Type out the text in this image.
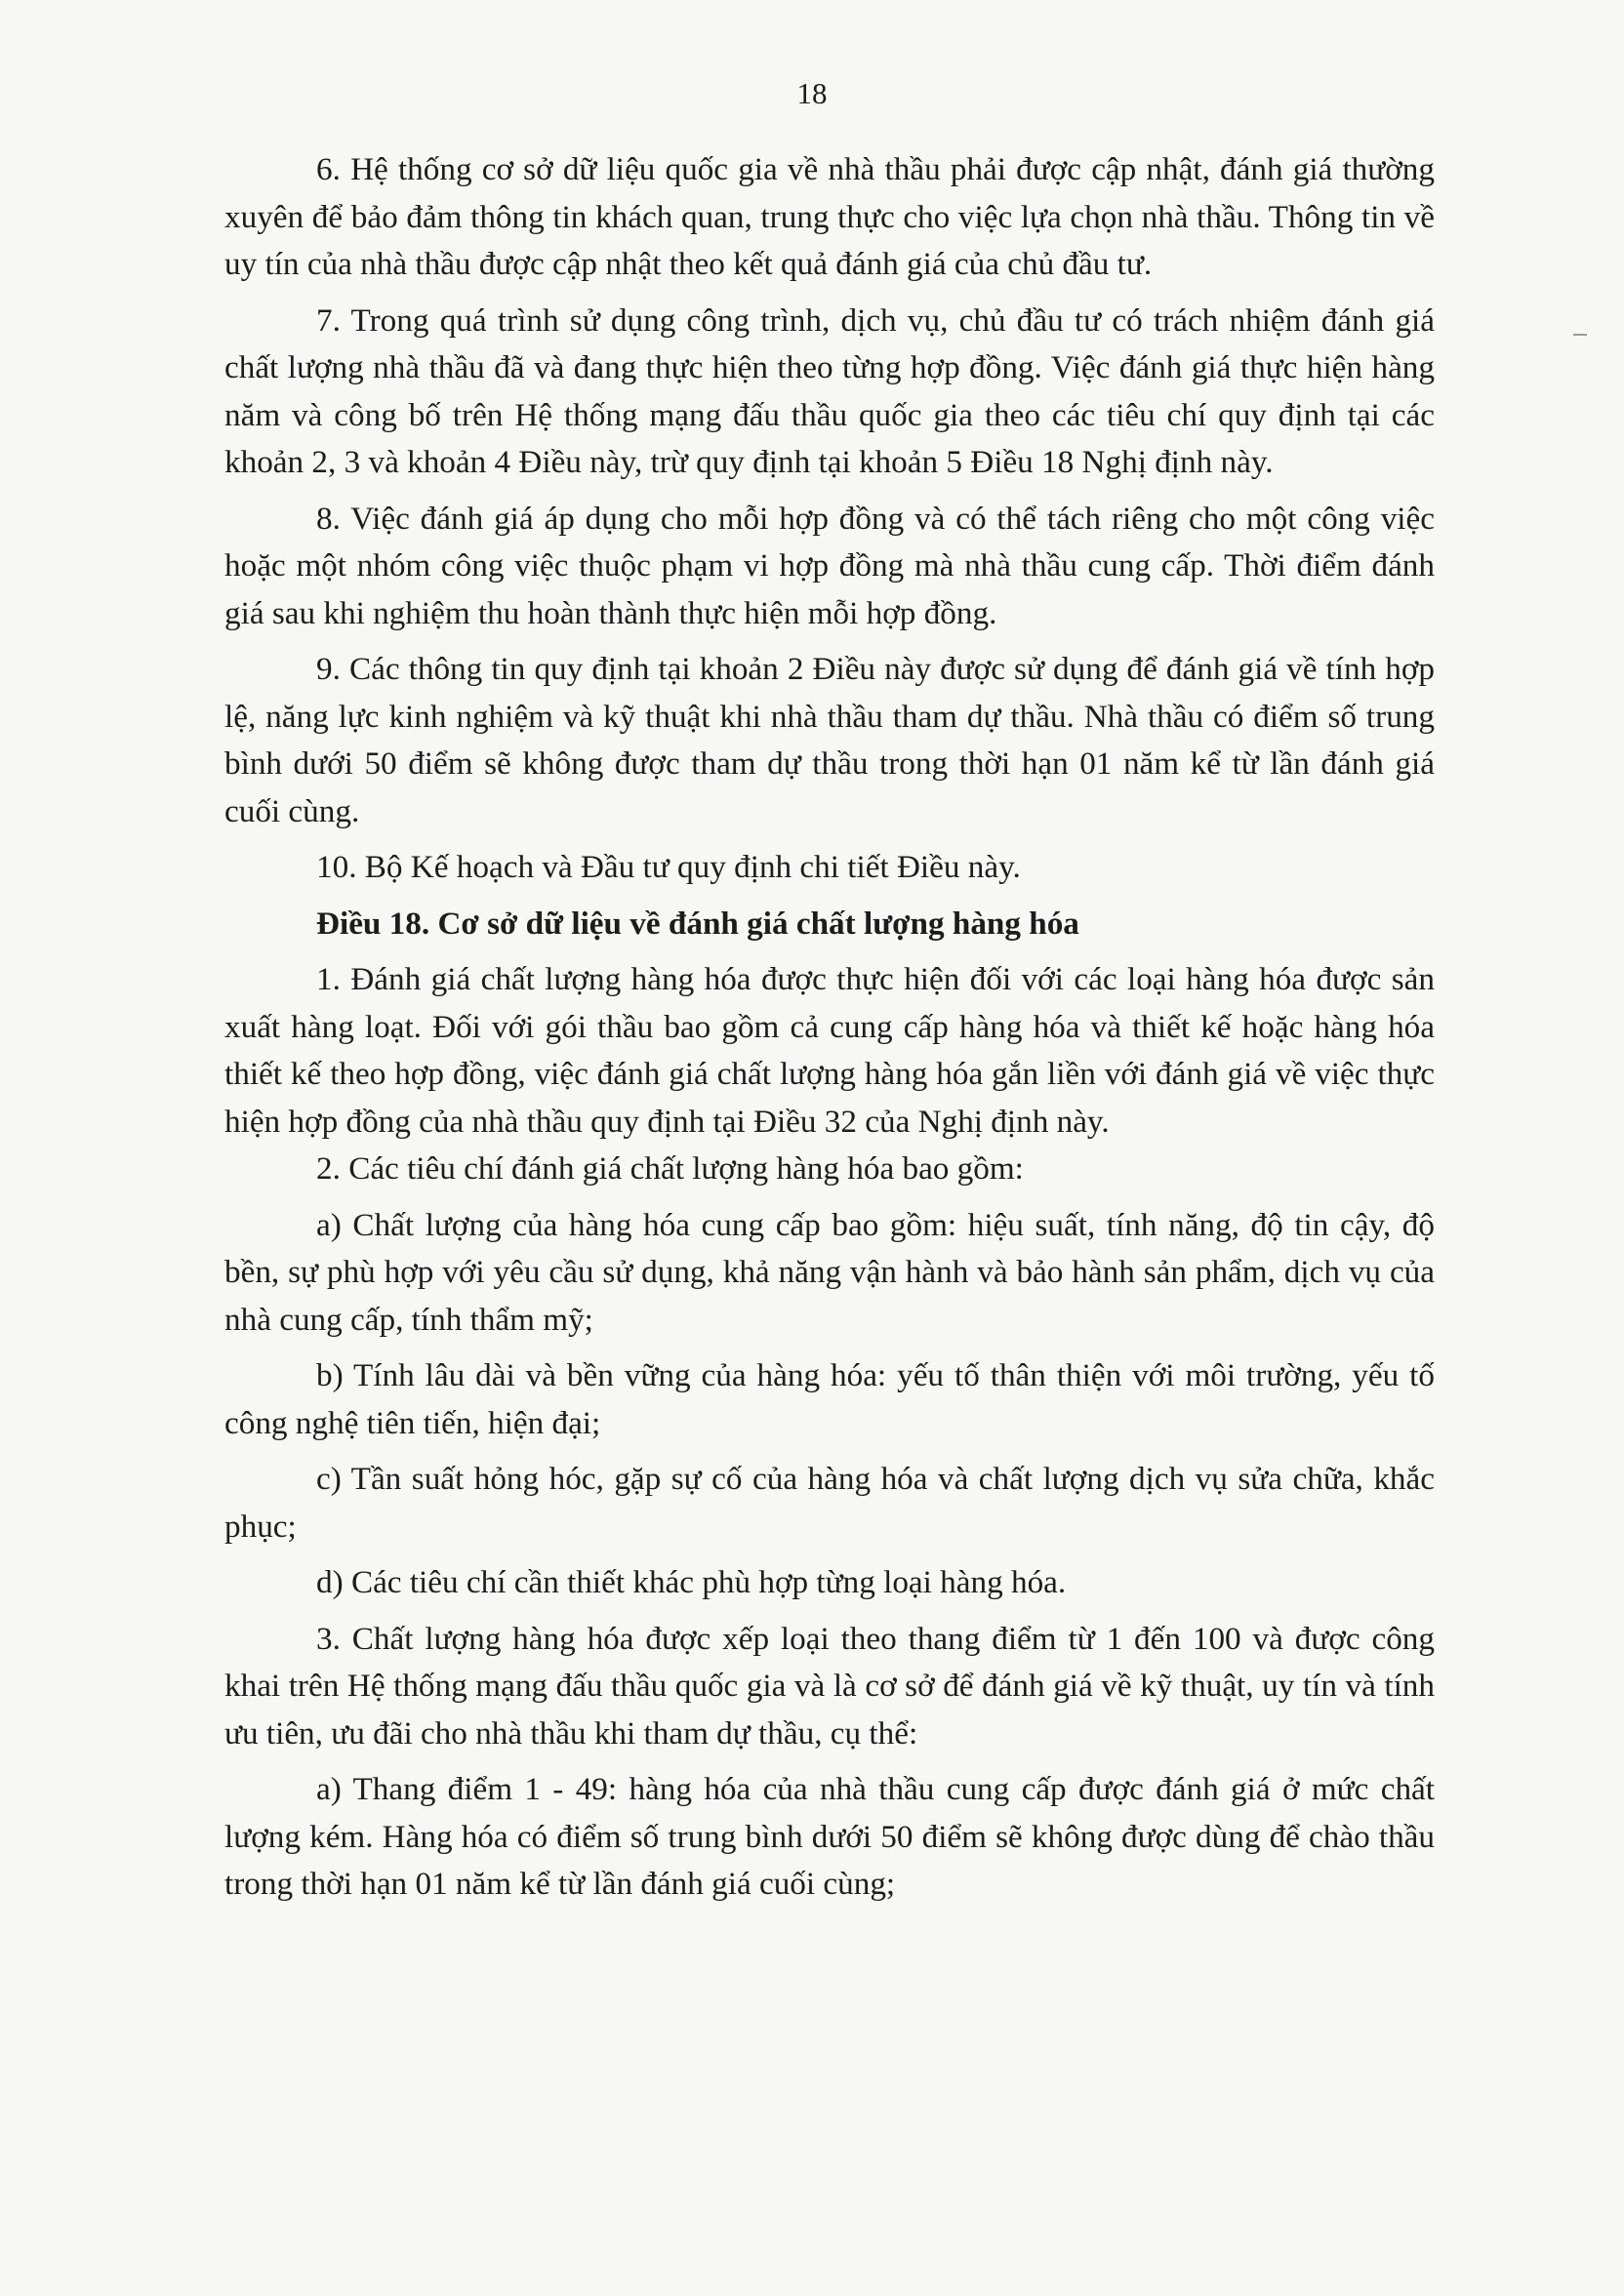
18

6. Hệ thống cơ sở dữ liệu quốc gia về nhà thầu phải được cập nhật, đánh giá thường xuyên để bảo đảm thông tin khách quan, trung thực cho việc lựa chọn nhà thầu. Thông tin về uy tín của nhà thầu được cập nhật theo kết quả đánh giá của chủ đầu tư.

7. Trong quá trình sử dụng công trình, dịch vụ, chủ đầu tư có trách nhiệm đánh giá chất lượng nhà thầu đã và đang thực hiện theo từng hợp đồng. Việc đánh giá thực hiện hàng năm và công bố trên Hệ thống mạng đấu thầu quốc gia theo các tiêu chí quy định tại các khoản 2, 3 và khoản 4 Điều này, trừ quy định tại khoản 5 Điều 18 Nghị định này.

8. Việc đánh giá áp dụng cho mỗi hợp đồng và có thể tách riêng cho một công việc hoặc một nhóm công việc thuộc phạm vi hợp đồng mà nhà thầu cung cấp. Thời điểm đánh giá sau khi nghiệm thu hoàn thành thực hiện mỗi hợp đồng.

9. Các thông tin quy định tại khoản 2 Điều này được sử dụng để đánh giá về tính hợp lệ, năng lực kinh nghiệm và kỹ thuật khi nhà thầu tham dự thầu. Nhà thầu có điểm số trung bình dưới 50 điểm sẽ không được tham dự thầu trong thời hạn 01 năm kể từ lần đánh giá cuối cùng.

10. Bộ Kế hoạch và Đầu tư quy định chi tiết Điều này.

Điều 18. Cơ sở dữ liệu về đánh giá chất lượng hàng hóa

1. Đánh giá chất lượng hàng hóa được thực hiện đối với các loại hàng hóa được sản xuất hàng loạt. Đối với gói thầu bao gồm cả cung cấp hàng hóa và thiết kế hoặc hàng hóa thiết kế theo hợp đồng, việc đánh giá chất lượng hàng hóa gắn liền với đánh giá về việc thực hiện hợp đồng của nhà thầu quy định tại Điều 32 của Nghị định này.

2. Các tiêu chí đánh giá chất lượng hàng hóa bao gồm:

a) Chất lượng của hàng hóa cung cấp bao gồm: hiệu suất, tính năng, độ tin cậy, độ bền, sự phù hợp với yêu cầu sử dụng, khả năng vận hành và bảo hành sản phẩm, dịch vụ của nhà cung cấp, tính thẩm mỹ;

b) Tính lâu dài và bền vững của hàng hóa: yếu tố thân thiện với môi trường, yếu tố công nghệ tiên tiến, hiện đại;

c) Tần suất hỏng hóc, gặp sự cố của hàng hóa và chất lượng dịch vụ sửa chữa, khắc phục;

d) Các tiêu chí cần thiết khác phù hợp từng loại hàng hóa.

3. Chất lượng hàng hóa được xếp loại theo thang điểm từ 1 đến 100 và được công khai trên Hệ thống mạng đấu thầu quốc gia và là cơ sở để đánh giá về kỹ thuật, uy tín và tính ưu tiên, ưu đãi cho nhà thầu khi tham dự thầu, cụ thể:

a) Thang điểm 1 - 49: hàng hóa của nhà thầu cung cấp được đánh giá ở mức chất lượng kém. Hàng hóa có điểm số trung bình dưới 50 điểm sẽ không được dùng để chào thầu trong thời hạn 01 năm kể từ lần đánh giá cuối cùng;
